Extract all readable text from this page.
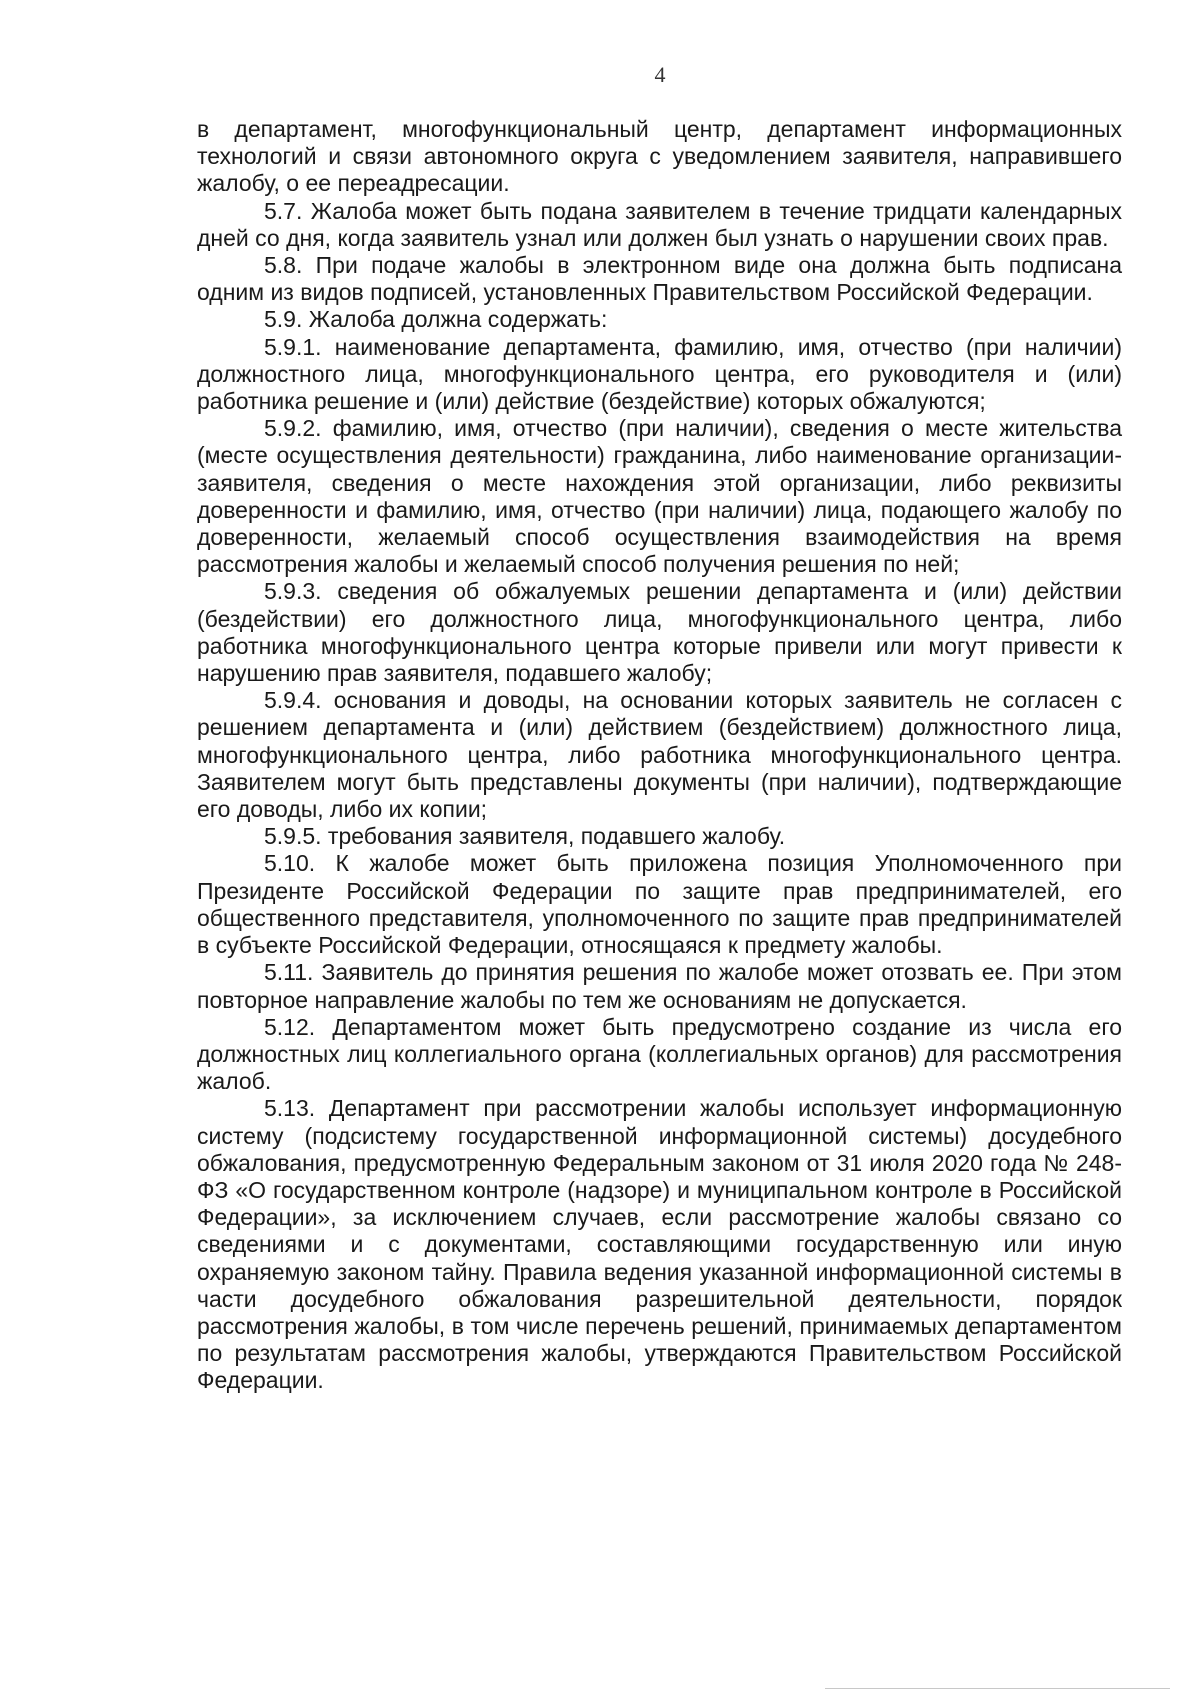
4

в департамент, многофункциональный центр, департамент информационных технологий и связи автономного округа с уведомлением заявителя, направившего жалобу, о ее переадресации.

5.7. Жалоба может быть подана заявителем в течение тридцати календарных дней со дня, когда заявитель узнал или должен был узнать о нарушении своих прав.

5.8. При подаче жалобы в электронном виде она должна быть подписана одним из видов подписей, установленных Правительством Российской Федерации.

5.9. Жалоба должна содержать:

5.9.1. наименование департамента, фамилию, имя, отчество (при наличии) должностного лица, многофункционального центра, его руководителя и (или) работника решение и (или) действие (бездействие) которых обжалуются;

5.9.2. фамилию, имя, отчество (при наличии), сведения о месте жительства (месте осуществления деятельности) гражданина, либо наименование организации-заявителя, сведения о месте нахождения этой организации, либо реквизиты доверенности и фамилию, имя, отчество (при наличии) лица, подающего жалобу по доверенности, желаемый способ осуществления взаимодействия на время рассмотрения жалобы и желаемый способ получения решения по ней;

5.9.3. сведения об обжалуемых решении департамента и (или) действии (бездействии) его должностного лица, многофункционального центра, либо работника многофункционального центра которые привели или могут привести к нарушению прав заявителя, подавшего жалобу;

5.9.4. основания и доводы, на основании которых заявитель не согласен с решением департамента и (или) действием (бездействием) должностного лица, многофункционального центра, либо работника многофункционального центра. Заявителем могут быть представлены документы (при наличии), подтверждающие его доводы, либо их копии;

5.9.5. требования заявителя, подавшего жалобу.

5.10. К жалобе может быть приложена позиция Уполномоченного при Президенте Российской Федерации по защите прав предпринимателей, его общественного представителя, уполномоченного по защите прав предпринимателей в субъекте Российской Федерации, относящаяся к предмету жалобы.

5.11. Заявитель до принятия решения по жалобе может отозвать ее. При этом повторное направление жалобы по тем же основаниям не допускается.

5.12. Департаментом может быть предусмотрено создание из числа его должностных лиц коллегиального органа (коллегиальных органов) для рассмотрения жалоб.

5.13. Департамент при рассмотрении жалобы использует информационную систему (подсистему государственной информационной системы) досудебного обжалования, предусмотренную Федеральным законом от 31 июля 2020 года № 248-ФЗ «О государственном контроле (надзоре) и муниципальном контроле в Российской Федерации», за исключением случаев, если рассмотрение жалобы связано со сведениями и с документами, составляющими государственную или иную охраняемую законом тайну. Правила ведения указанной информационной системы в части досудебного обжалования разрешительной деятельности, порядок рассмотрения жалобы, в том числе перечень решений, принимаемых департаментом по результатам рассмотрения жалобы, утверждаются Правительством Российской Федерации.
